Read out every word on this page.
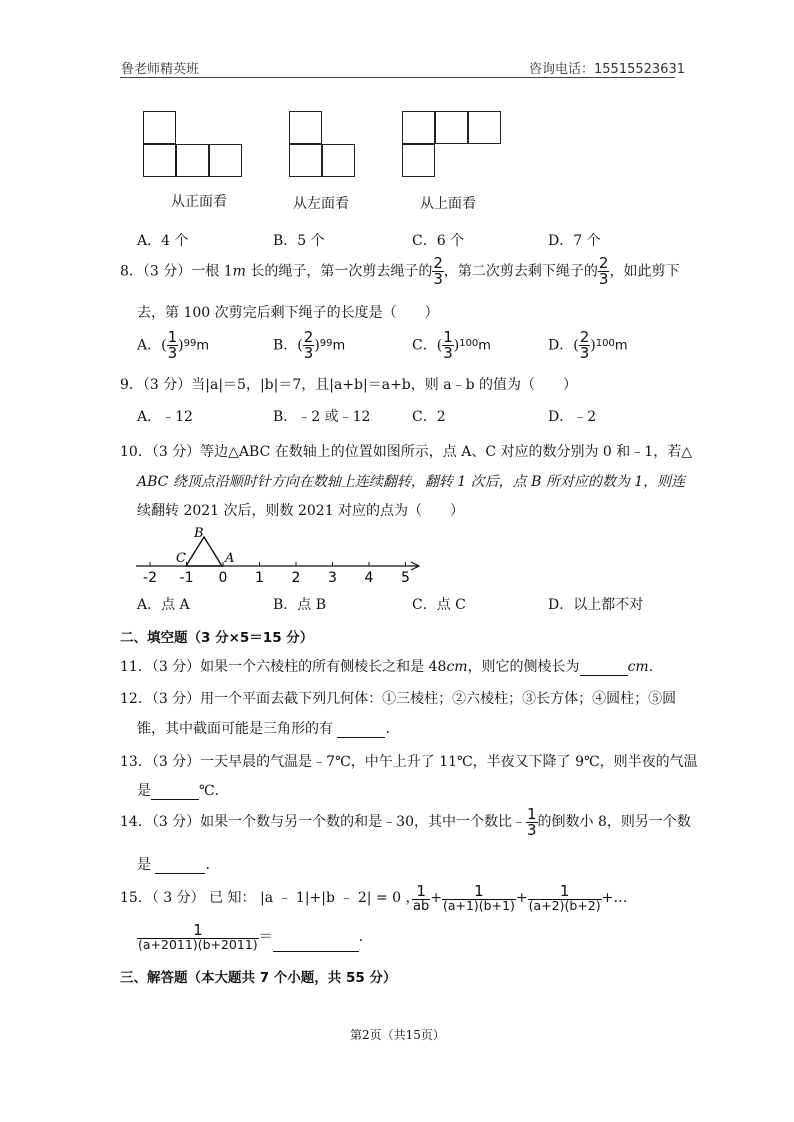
鲁老师精英班	咨询电话：15515523631
从正面看	从左面看	从上面看
A．4 个	B．5 个	C．6 个	D．7 个
8．（3 分）一根 1m 长的绳子，第一次剪去绳子的 $\frac{2}{3}$ ，第二次剪去剩下绳子的 $\frac{2}{3}$ ，如此剪下
去，第 100 次剪完后剩下绳子的长度是（　　）
A．( $\frac{1}{3} )^{99}m$	B．( $\frac{2}{3} )^{99}m$	C．( $\frac{1}{3} )^{100}m$	D．( $\frac{2}{3} )^{100}m$
9．（3 分）当|a|＝5，|b|＝7，且|a+b|＝a+b，则 a﹣b 的值为（　　）
A．﹣12	B．﹣2 或﹣12	C．2	D．﹣2
10．（3 分）等边△ABC 在数轴上的位置如图所示，点 A、C 对应的数分别为 0 和﹣1，若△
ABC 绕顶点沿顺时针方向在数轴上连续翻转，翻转 1 次后，点 B 所对应的数为 1，则连
续翻转 2021 次后，则数 2021 对应的点为（　　）
-2 -1 0 1 2 3 4 5
B
C	A
A．点 A	B．点 B	C．点 C	D．以上都不对
二、填空题（3 分×5＝15 分）
11．（3 分）如果一个六棱柱的所有侧棱长之和是 48cm，则它的侧棱长为	cm.
12．（3 分）用一个平面去截下列几何体：①三棱柱；②六棱柱；③长方体；④圆柱；⑤圆
锥，其中截面可能是三角形的有	.
13．（3 分）一天早晨的气温是﹣7℃，中午上升了 11℃，半夜又下降了 9℃，则半夜的气温
是	℃.
14．（3 分）如果一个数与另一个数的和是﹣30，其中一个数比﹣ $\frac{1}{3}$ 的倒数小 8，则另一个数
是	.
15．（ 3 分） 已 知： |a ﹣ 1|+|b ﹣ 2| = 0 ，
$\frac{1}{ab} + \frac{1}{(a+1)(b+1)} + \frac{1}{(a+2)(b+2)}$ +…
$\frac{1}{(a+2011)(b+2011)}$ ＝	.
三、解答题（本大题共 7 个小题，共 55 分）
第2页（共15页）
